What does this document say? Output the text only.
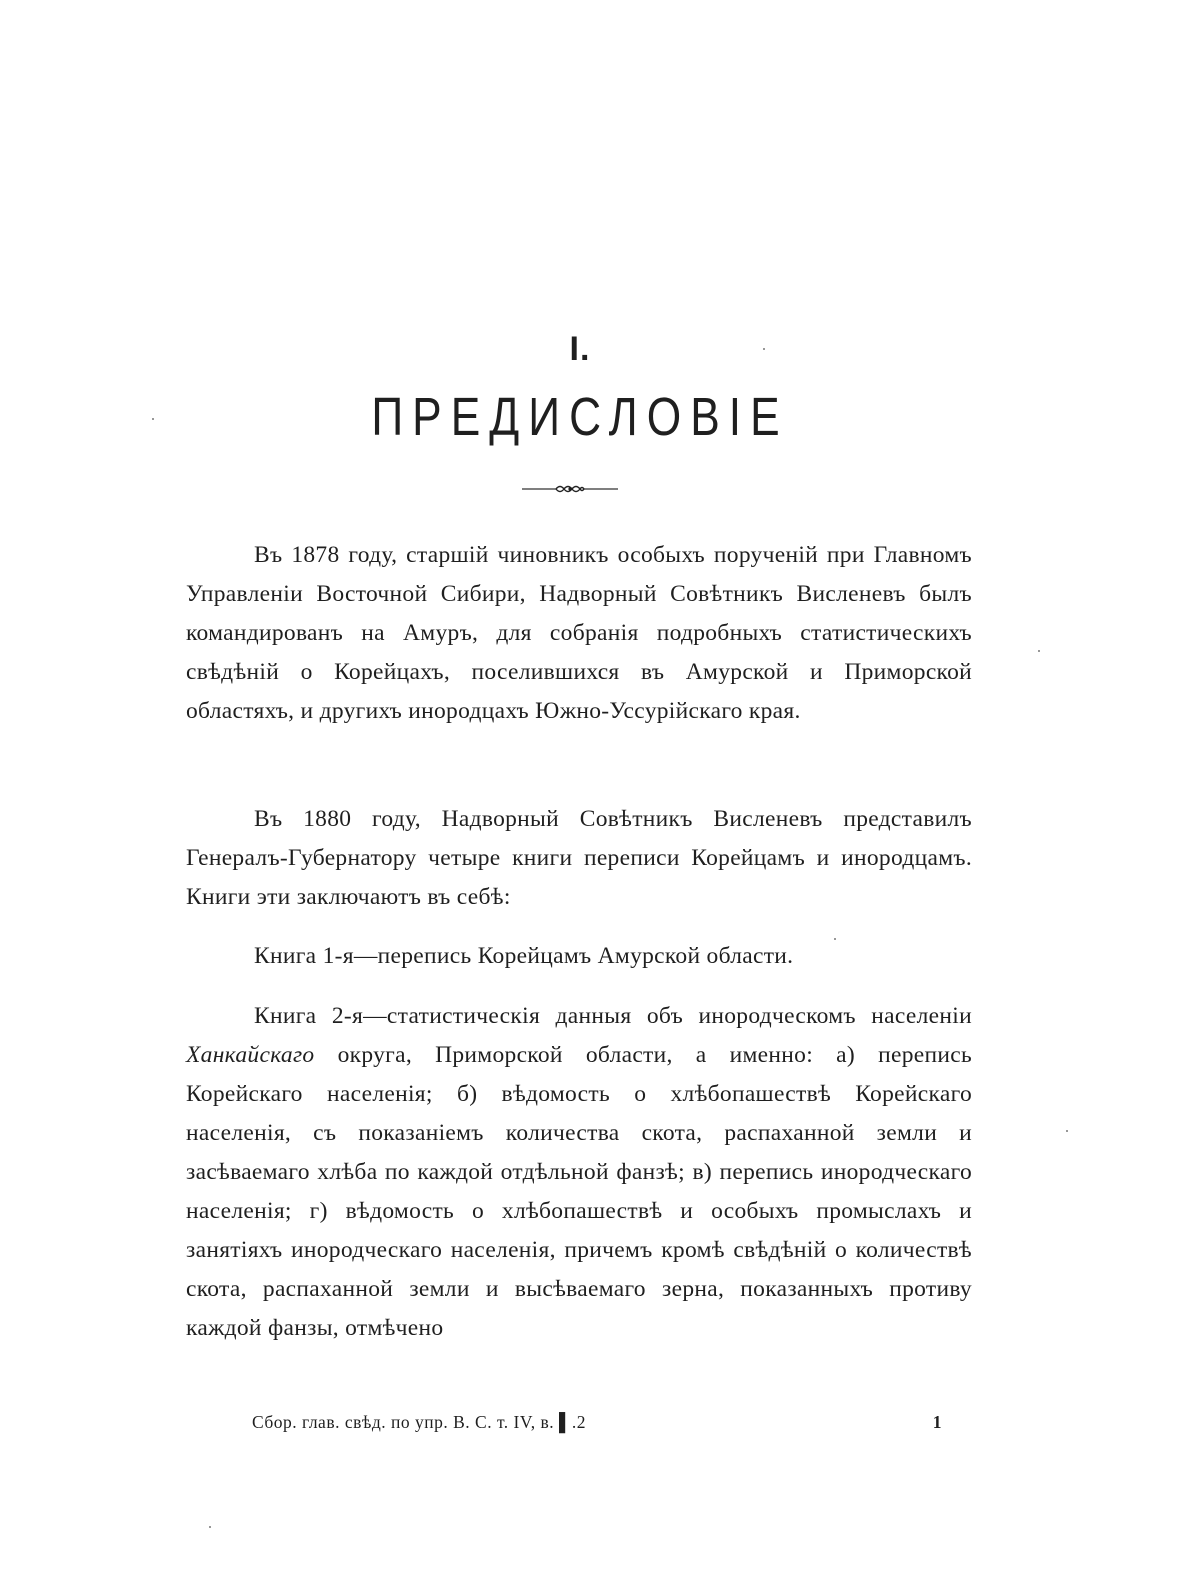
I.
ПРЕДИСЛОВІЕ

Въ 1878 году, старшій чиновникъ особыхъ порученій при Главномъ Управленіи Восточной Сибири, Надворный Совѣтникъ Висленевъ былъ командированъ на Амуръ, для собранія подробныхъ статистическихъ свѣдѣній о Корейцахъ, поселившихся въ Амурской и Приморской областяхъ, и другихъ инородцахъ Южно-Уссурійскаго края.

Въ 1880 году, Надворный Совѣтникъ Висленевъ представилъ Генералъ-Губернатору четыре книги переписи Корейцамъ и инородцамъ. Книги эти заключаютъ въ себѣ:

Книга 1-я—перепись Корейцамъ Амурской области.

Книга 2-я—статистическія данныя объ инородческомъ населеніи Ханкайскаго округа, Приморской области, а именно: а) перепись Корейскаго населенія; б) вѣдомость о хлѣбопашествѣ Корейскаго населенія, съ показаніемъ количества скота, распаханной земли и засѣваемаго хлѣба по каждой отдѣльной фанзѣ; в) перепись инородческаго населенія; г) вѣдомость о хлѣбопашествѣ и особыхъ промыслахъ и занятіяхъ инородческаго населенія, причемъ кромѣ свѣдѣній о количествѣ скота, распаханной земли и высѣваемаго зерна, показанныхъ противу каждой фанзы, отмѣчено

Сбор. глав. свѣд. по упр. В. С. т. IV, в. ▌.2	1
